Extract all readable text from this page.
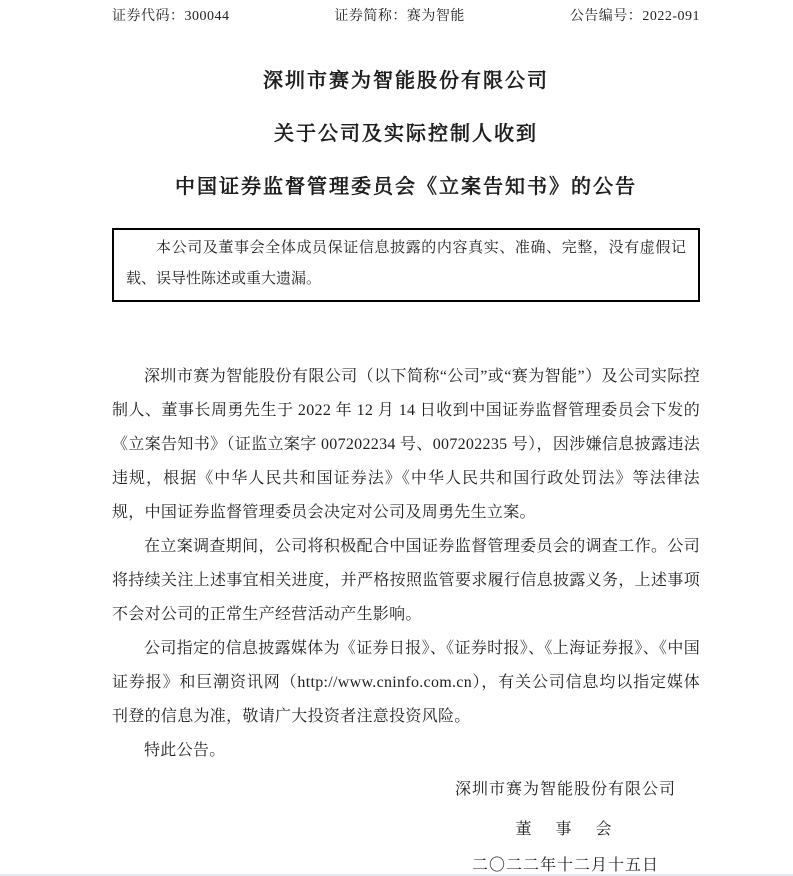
证券代码：300044	证券简称：赛为智能	公告编号：2022-091
深圳市赛为智能股份有限公司
关于公司及实际控制人收到
中国证券监督管理委员会《立案告知书》的公告

本公司及董事会全体成员保证信息披露的内容真实、准确、完整，没有虚假记载、误导性陈述或重大遗漏。

深圳市赛为智能股份有限公司（以下简称“公司”或“赛为智能”）及公司实际控制人、董事长周勇先生于 2022 年 12 月 14 日收到中国证券监督管理委员会下发的《立案告知书》（证监立案字 007202234 号、007202235 号），因涉嫌信息披露违法违规，根据《中华人民共和国证券法》《中华人民共和国行政处罚法》等法律法规，中国证券监督管理委员会决定对公司及周勇先生立案。

在立案调查期间，公司将积极配合中国证券监督管理委员会的调查工作。公司将持续关注上述事宜相关进度，并严格按照监管要求履行信息披露义务，上述事项不会对公司的正常生产经营活动产生影响。

公司指定的信息披露媒体为《证券日报》、《证券时报》、《上海证券报》、《中国证券报》和巨潮资讯网（http://www.cninfo.com.cn），有关公司信息均以指定媒体刊登的信息为准，敬请广大投资者注意投资风险。

特此公告。

深圳市赛为智能股份有限公司
董　事　会
二〇二二年十二月十五日
